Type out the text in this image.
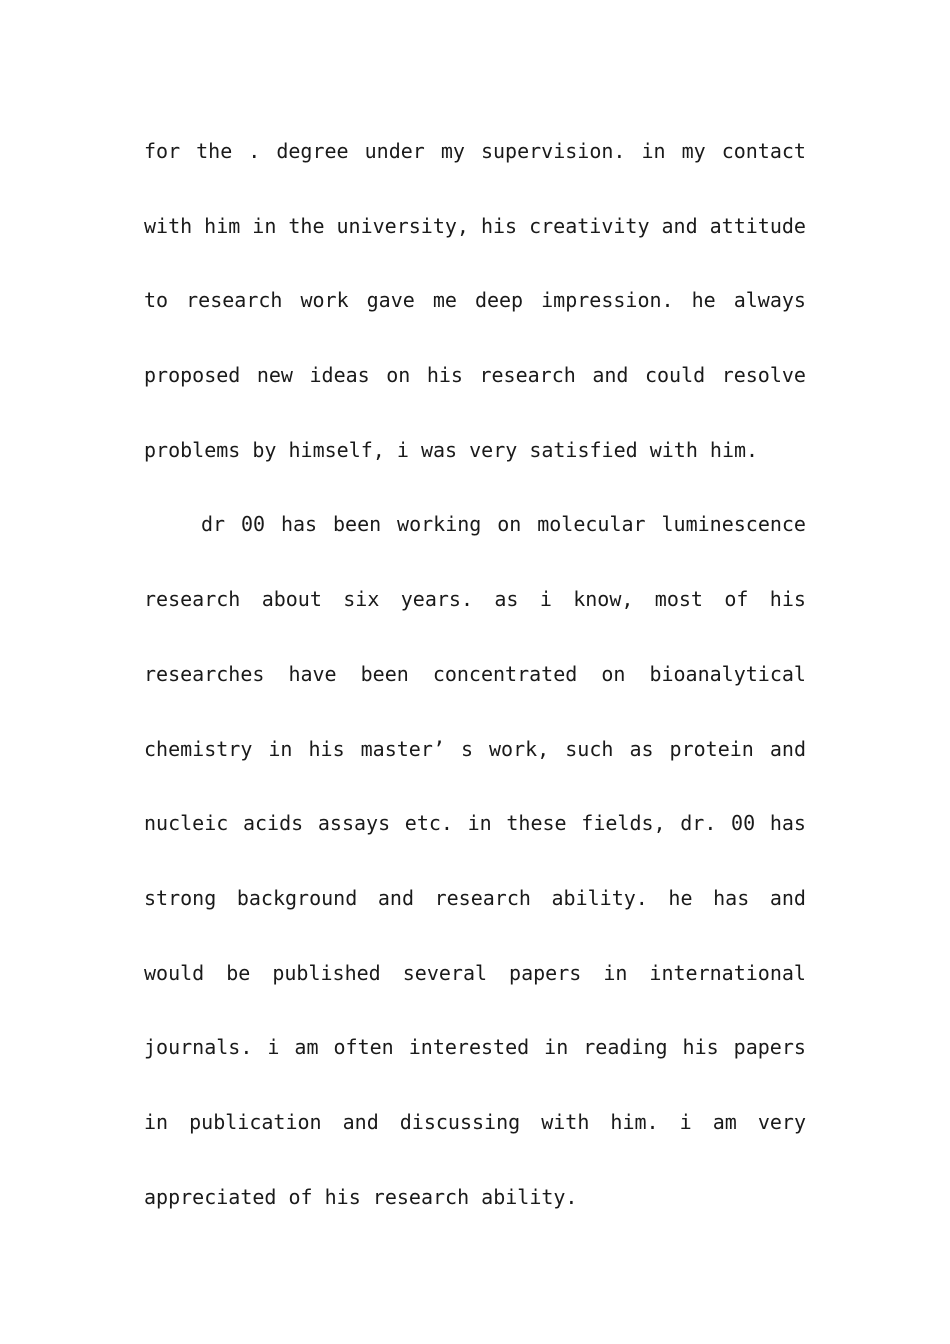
for the . degree under my supervision. in my contact
with him in the university, his creativity and attitude
to research work gave me deep impression. he always
proposed new ideas on his research and could resolve
problems by himself, i was very satisfied with him.
dr 00 has been working on molecular luminescence
research about six years. as i know, most of his
researches have been concentrated on bioanalytical
chemistry in his master’ s work, such as protein and
nucleic acids assays etc. in these fields, dr. 00 has
strong background and research ability. he has and
would be published several papers in international
journals. i am often interested in reading his papers
in publication and discussing with him. i am very
appreciated of his research ability.
